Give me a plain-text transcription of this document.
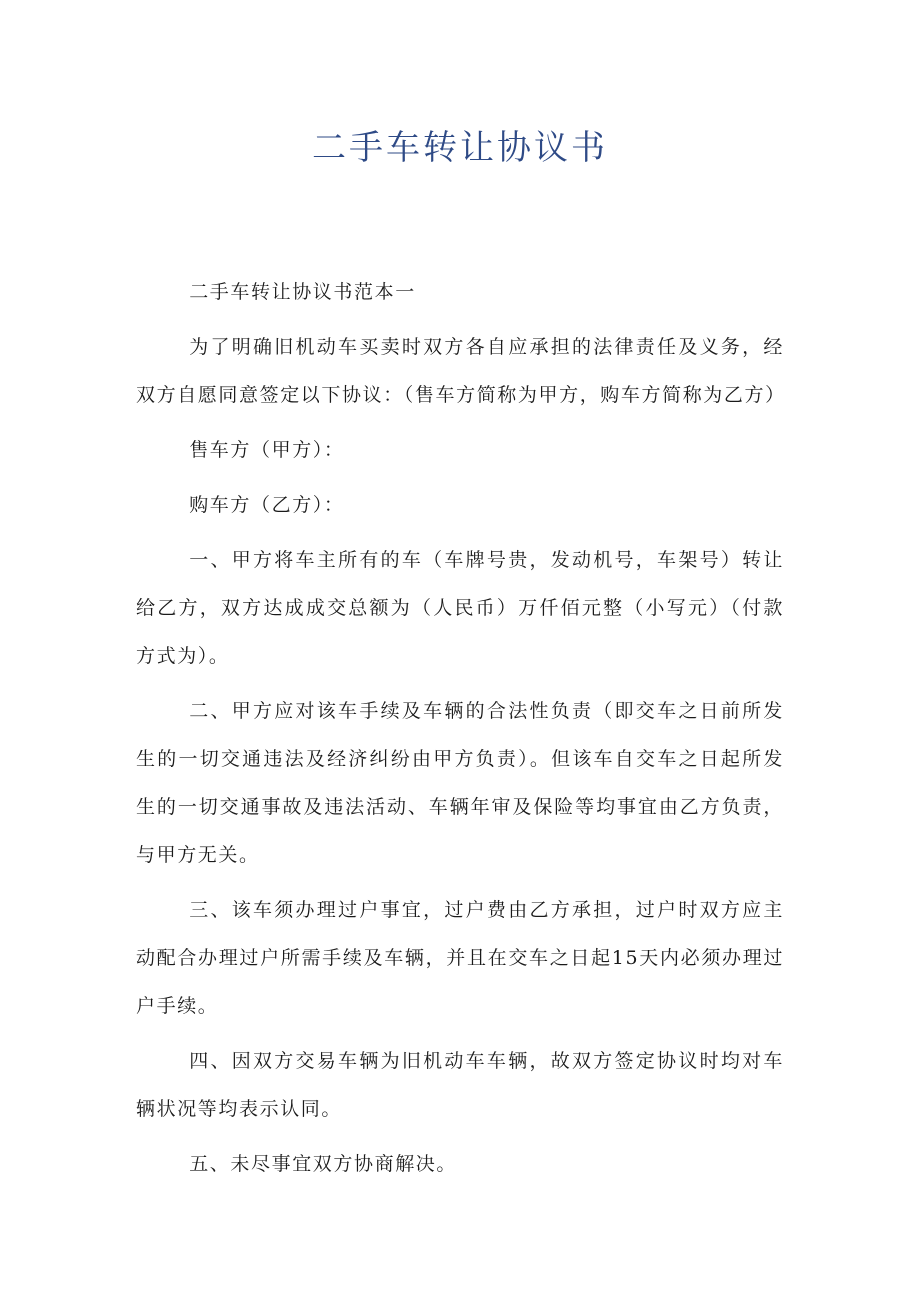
二手车转让协议书

二手车转让协议书范本一

为了明确旧机动车买卖时双方各自应承担的法律责任及义务，经双方自愿同意签定以下协议：（售车方简称为甲方，购车方简称为乙方）

售车方（甲方）：

购车方（乙方）：

一、甲方将车主所有的车（车牌号贵，发动机号，车架号）转让给乙方，双方达成成交总额为（人民币）万仟佰元整（小写元）（付款方式为）。

二、甲方应对该车手续及车辆的合法性负责（即交车之日前所发生的一切交通违法及经济纠纷由甲方负责）。但该车自交车之日起所发生的一切交通事故及违法活动、车辆年审及保险等均事宜由乙方负责，与甲方无关。

三、该车须办理过户事宜，过户费由乙方承担，过户时双方应主动配合办理过户所需手续及车辆，并且在交车之日起15天内必须办理过户手续。

四、因双方交易车辆为旧机动车车辆，故双方签定协议时均对车辆状况等均表示认同。

五、未尽事宜双方协商解决。
